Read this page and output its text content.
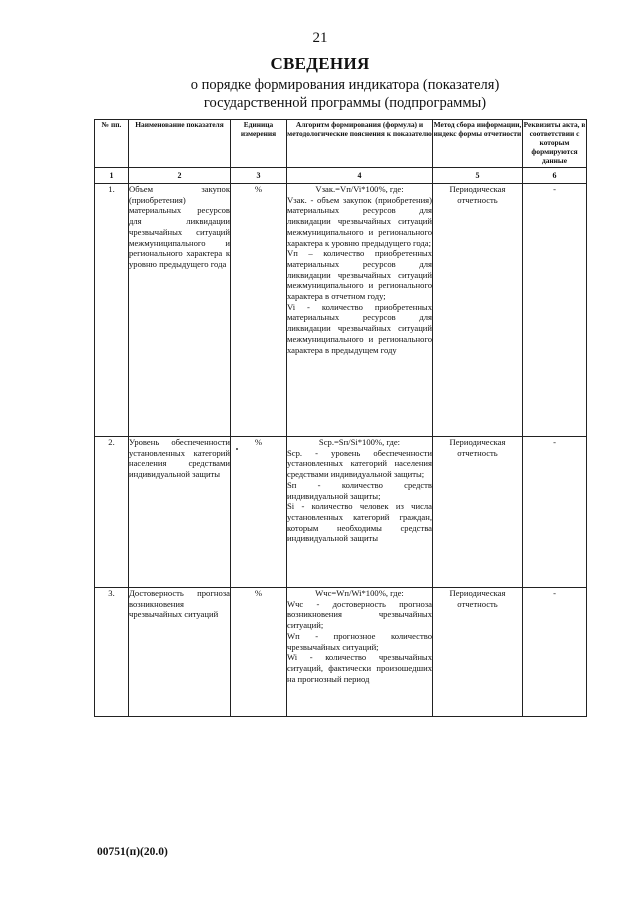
21
СВЕДЕНИЯ
о порядке формирования индикатора (показателя)
государственной программы (подпрограммы)
№ пп.	Наименование показателя	Единица измерения	Алгоритм формирования (формула) и методологические пояснения к показателю	Метод сбора информации, индекс формы отчетности	Реквизиты акта, в соответствии с которым формируются данные
1	2	3	4	5	6
1.	Объем закупок (приобретения) материальных ресурсов для ликвидации чрезвычайных ситуаций межмуниципального и регионального характера к уровню предыдущего года	%	Vзак.=Vп/Vi*100%, где:
Vзак. - объем закупок (приобретения) материальных ресурсов для ликвидации чрезвычайных ситуаций межмуниципального и регионального характера к уровню предыдущего года;
Vп – количество приобретенных материальных ресурсов для ликвидации чрезвычайных ситуаций межмуниципального и регионального характера в отчетном году;
Vi - количество приобретенных материальных ресурсов для ликвидации чрезвычайных ситуаций межмуниципального и регионального характера в предыдущем году	Периодическая отчетность	-
2.	Уровень обеспеченности установленных категорий населения средствами индивидуальной защиты	%	Sср.=Sп/Si*100%, где:
Sср. - уровень обеспеченности установленных категорий населения средствами индивидуальной защиты;
Sп - количество средств индивидуальной защиты;
Si - количество человек из числа установленных категорий граждан, которым необходимы средства индивидуальной защиты	Периодическая отчетность	-
3.	Достоверность прогноза возникновения чрезвычайных ситуаций	%	Wчс=Wп/Wi*100%, где:
Wчс - достоверность прогноза возникновения чрезвычайных ситуаций;
Wп - прогнозное количество чрезвычайных ситуаций;
Wi - количество чрезвычайных ситуаций, фактически произошедших на прогнозный период	Периодическая отчетность	-
00751(п)(20.0)
